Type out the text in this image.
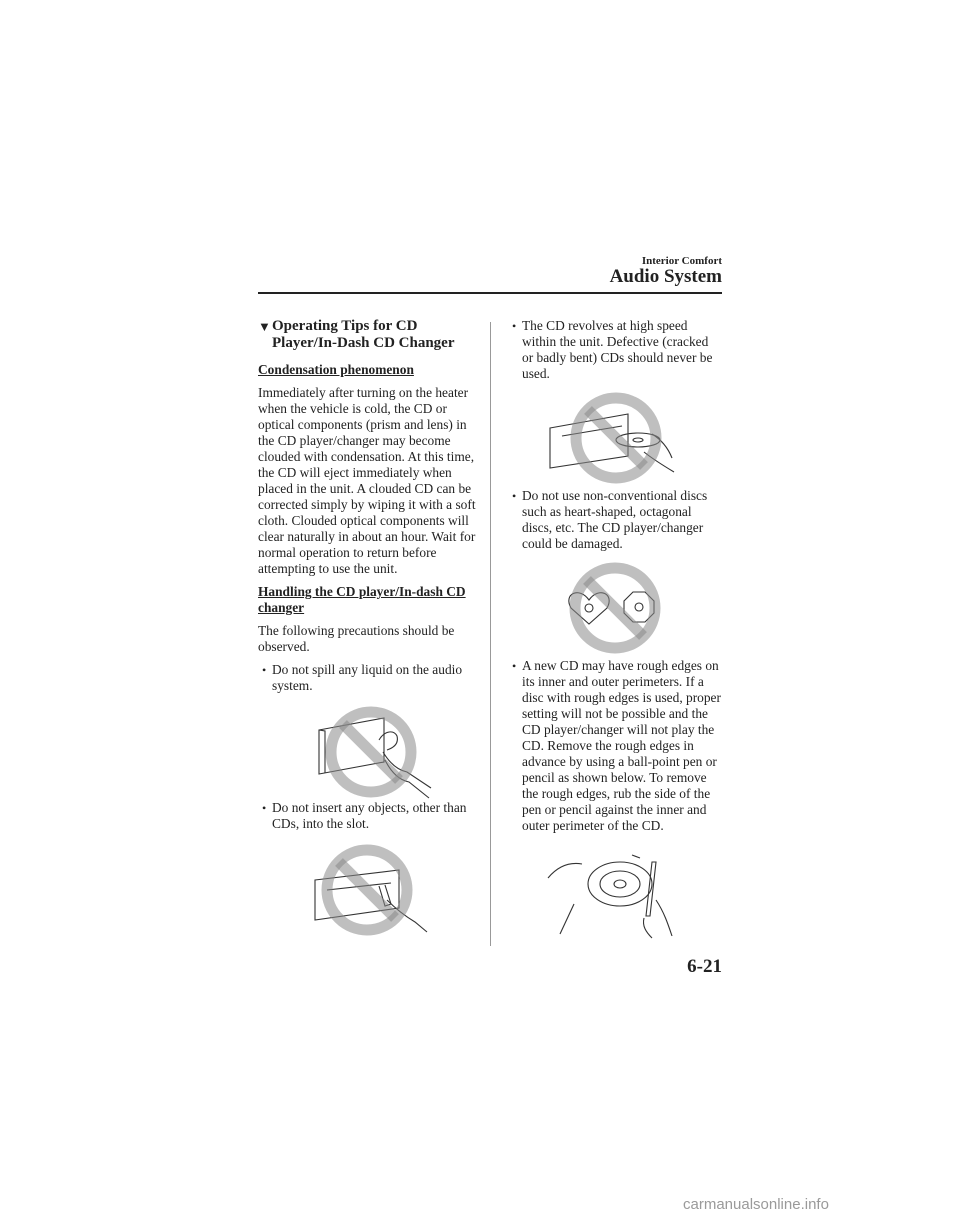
Interior Comfort

Audio System
▼ Operating Tips for CD Player/In-Dash CD Changer
Condensation phenomenon

Immediately after turning on the heater when the vehicle is cold, the CD or optical components (prism and lens) in the CD player/changer may become clouded with condensation. At this time, the CD will eject immediately when placed in the unit. A clouded CD can be corrected simply by wiping it with a soft cloth. Clouded optical components will clear naturally in about an hour. Wait for normal operation to return before attempting to use the unit.

Handling the CD player/In-dash CD changer

The following precautions should be observed.

• Do not spill any liquid on the audio system.
• Do not insert any objects, other than CDs, into the slot.
• The CD revolves at high speed within the unit. Defective (cracked or badly bent) CDs should never be used.
• Do not use non-conventional discs such as heart-shaped, octagonal discs, etc. The CD player/changer could be damaged.
• A new CD may have rough edges on its inner and outer perimeters. If a disc with rough edges is used, proper setting will not be possible and the CD player/changer will not play the CD. Remove the rough edges in advance by using a ball-point pen or pencil as shown below. To remove the rough edges, rub the side of the pen or pencil against the inner and outer perimeter of the CD.

6-21

carmanualsonline.info
